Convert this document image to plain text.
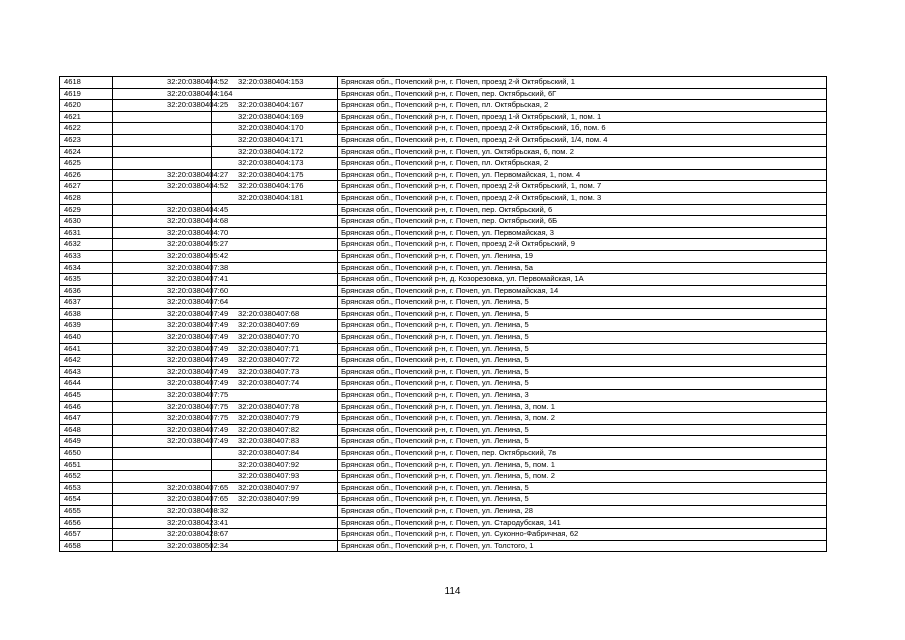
4618	32:20:0380404:52	32:20:0380404:153	Брянская обл., Почепский р-н, г. Почеп, проезд 2-й Октябрьский, 1
4619	32:20:0380404:164		Брянская обл., Почепский р-н, г. Почеп, пер. Октябрьский, 6Г
4620	32:20:0380404:25	32:20:0380404:167	Брянская обл., Почепский р-н, г. Почеп, пл. Октябрьская, 2
4621		32:20:0380404:169	Брянская обл., Почепский р-н, г. Почеп, проезд 1-й Октябрьский, 1, пом. 1
4622		32:20:0380404:170	Брянская обл., Почепский р-н, г. Почеп, проезд 2-й Октябрьский, 1б, пом. 6
4623		32:20:0380404:171	Брянская обл., Почепский р-н, г. Почеп, проезд 2-й Октябрьский, 1/4, пом. 4
4624		32:20:0380404:172	Брянская обл., Почепский р-н, г. Почеп, ул. Октябрьская, 6, пом. 2
4625		32:20:0380404:173	Брянская обл., Почепский р-н, г. Почеп, пл. Октябрьская, 2
4626	32:20:0380404:27	32:20:0380404:175	Брянская обл., Почепский р-н, г. Почеп, ул. Первомайская, 1, пом. 4
4627	32:20:0380404:52	32:20:0380404:176	Брянская обл., Почепский р-н, г. Почеп, проезд 2-й Октябрьский, 1, пом. 7
4628		32:20:0380404:181	Брянская обл., Почепский р-н, г. Почеп, проезд 2-й Октябрьский, 1, пом. 3
4629	32:20:0380404:45		Брянская обл., Почепский р-н, г. Почеп, пер. Октябрьский, 6
4630	32:20:0380404:68		Брянская обл., Почепский р-н, г. Почеп, пер. Октябрьский, 6Б
4631	32:20:0380404:70		Брянская обл., Почепский р-н, г. Почеп, ул. Первомайская, 3
4632	32:20:0380405:27		Брянская обл., Почепский р-н, г. Почеп, проезд 2-й Октябрьский, 9
4633	32:20:0380405:42		Брянская обл., Почепский р-н, г. Почеп, ул. Ленина, 19
4634	32:20:0380407:38		Брянская обл., Почепский р-н, г. Почеп, ул. Ленина, 5а
4635	32:20:0380407:41		Брянская обл., Почепский р-н, д. Козорезовка, ул. Первомайская, 1А
4636	32:20:0380407:60		Брянская обл., Почепский р-н, г. Почеп, ул. Первомайская, 14
4637	32:20:0380407:64		Брянская обл., Почепский р-н, г. Почеп, ул. Ленина, 5
4638	32:20:0380407:49	32:20:0380407:68	Брянская обл., Почепский р-н, г. Почеп, ул. Ленина, 5
4639	32:20:0380407:49	32:20:0380407:69	Брянская обл., Почепский р-н, г. Почеп, ул. Ленина, 5
4640	32:20:0380407:49	32:20:0380407:70	Брянская обл., Почепский р-н, г. Почеп, ул. Ленина, 5
4641	32:20:0380407:49	32:20:0380407:71	Брянская обл., Почепский р-н, г. Почеп, ул. Ленина, 5
4642	32:20:0380407:49	32:20:0380407:72	Брянская обл., Почепский р-н, г. Почеп, ул. Ленина, 5
4643	32:20:0380407:49	32:20:0380407:73	Брянская обл., Почепский р-н, г. Почеп, ул. Ленина, 5
4644	32:20:0380407:49	32:20:0380407:74	Брянская обл., Почепский р-н, г. Почеп, ул. Ленина, 5
4645	32:20:0380407:75		Брянская обл., Почепский р-н, г. Почеп, ул. Ленина, 3
4646	32:20:0380407:75	32:20:0380407:78	Брянская обл., Почепский р-н, г. Почеп, ул. Ленина, 3, пом. 1
4647	32:20:0380407:75	32:20:0380407:79	Брянская обл., Почепский р-н, г. Почеп, ул. Ленина, 3, пом. 2
4648	32:20:0380407:49	32:20:0380407:82	Брянская обл., Почепский р-н, г. Почеп, ул. Ленина, 5
4649	32:20:0380407:49	32:20:0380407:83	Брянская обл., Почепский р-н, г. Почеп, ул. Ленина, 5
4650		32:20:0380407:84	Брянская обл., Почепский р-н, г. Почеп, пер. Октябрьский, 7в
4651		32:20:0380407:92	Брянская обл., Почепский р-н, г. Почеп, ул. Ленина, 5, пом. 1
4652		32:20:0380407:93	Брянская обл., Почепский р-н, г. Почеп, ул. Ленина, 5, пом. 2
4653	32:20:0380407:65	32:20:0380407:97	Брянская обл., Почепский р-н, г. Почеп, ул. Ленина, 5
4654	32:20:0380407:65	32:20:0380407:99	Брянская обл., Почепский р-н, г. Почеп, ул. Ленина, 5
4655	32:20:0380408:32		Брянская обл., Почепский р-н, г. Почеп, ул. Ленина, 28
4656	32:20:0380423:41		Брянская обл., Почепский р-н, г. Почеп, ул. Стародубская, 141
4657	32:20:0380428:67		Брянская обл., Почепский р-н, г. Почеп, ул. Суконно-Фабричная, 62
4658	32:20:0380502:34		Брянская обл., Почепский р-н, г. Почеп, ул. Толстого, 1
114
